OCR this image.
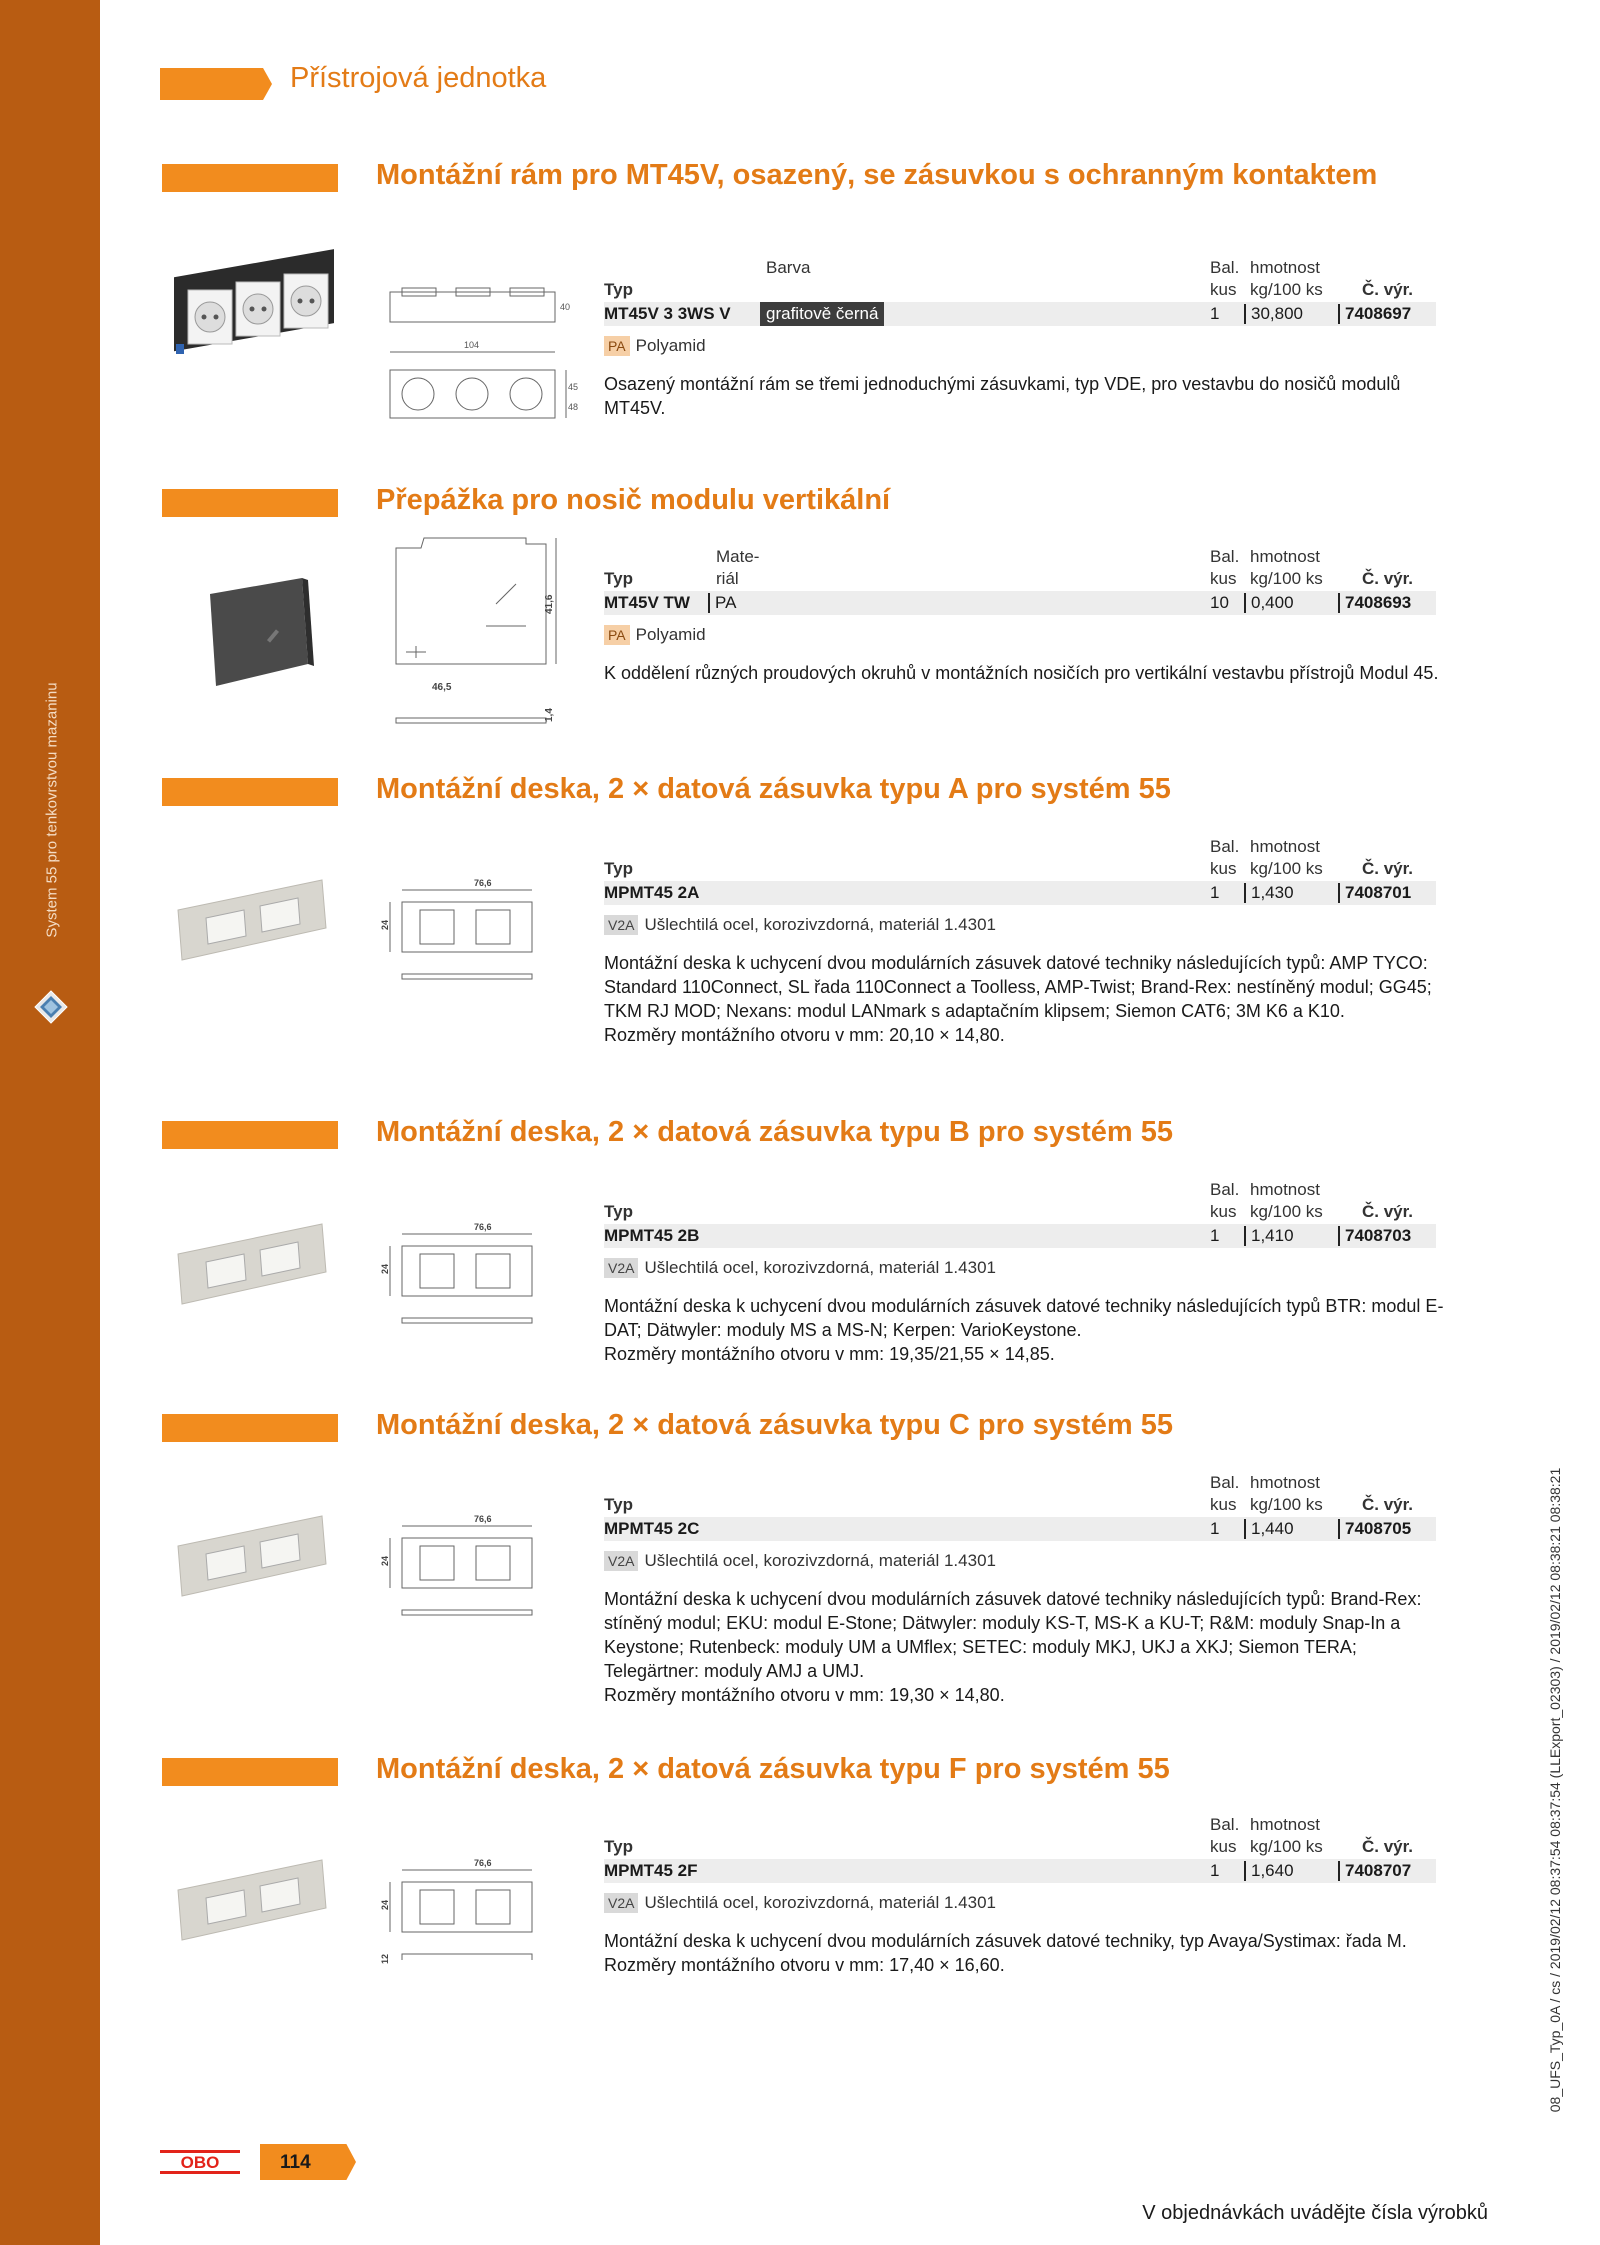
System 55 pro tenkovrstvou mazaninu
Přístrojová jednotka
Montážní rám pro MT45V, osazený, se zásuvkou s ochranným kontaktem
104
40
45
48
Barva
Typ
Bal.
kus
hmotnost
kg/100 ks Č. výr.
MT45V 3 3WS V	grafitově černá	1	30,800	7408697
PA Polyamid
Osazený montážní rám se třemi jednoduchými zásuvkami, typ VDE, pro vestavbu do nosičů modulů MT45V.
Přepážka pro nosič modulu vertikální
46,5
41,6
1,4
Mate-
riál
Typ
Bal.
kus
hmotnost
kg/100 ks Č. výr.
MT45V TW	PA	10	0,400	7408693
PA Polyamid
K oddělení různých proudových okruhů v montážních nosičích pro vertikální vestavbu přístrojů Modul 45.
Montážní deska, 2 × datová zásuvka typu A pro systém 55
76,6
24
Typ
Bal.
kus
hmotnost
kg/100 ks Č. výr.
MPMT45 2A	1	1,430	7408701
V2A Ušlechtilá ocel, korozivzdorná, materiál 1.4301
Montážní deska k uchycení dvou modulárních zásuvek datové techniky následujících typů: AMP TYCO: Standard 110Connect, SL řada 110Connect a Toolless, AMP-Twist; Brand-Rex: nestíněný modul; GG45; TKM RJ MOD; Nexans: modul LANmark s adaptačním klipsem; Siemon CAT6; 3M K6 a K10.
Rozměry montážního otvoru v mm: 20,10 × 14,80.
Montážní deska, 2 × datová zásuvka typu B pro systém 55
76,6
24
Typ
Bal.
kus
hmotnost
kg/100 ks Č. výr.
MPMT45 2B	1	1,410	7408703
V2A Ušlechtilá ocel, korozivzdorná, materiál 1.4301
Montážní deska k uchycení dvou modulárních zásuvek datové techniky následujících typů BTR: modul E-DAT; Dätwyler: moduly MS a MS-N; Kerpen: VarioKeystone.
Rozměry montážního otvoru v mm: 19,35/21,55 × 14,85.
Montážní deska, 2 × datová zásuvka typu C pro systém 55
76,6
24
Typ
Bal.
kus
hmotnost
kg/100 ks Č. výr.
MPMT45 2C	1	1,440	7408705
V2A Ušlechtilá ocel, korozivzdorná, materiál 1.4301
Montážní deska k uchycení dvou modulárních zásuvek datové techniky následujících typů: Brand-Rex: stíněný modul; EKU: modul E-Stone; Dätwyler: moduly KS-T, MS-K a KU-T; R&M: moduly Snap-In a Keystone; Rutenbeck: moduly UM a UMflex; SETEC: moduly MKJ, UKJ a XKJ; Siemon TERA; Telegärtner: moduly AMJ a UMJ.
Rozměry montážního otvoru v mm: 19,30 × 14,80.
Montážní deska, 2 × datová zásuvka typu F pro systém 55
76,6
24
12
Typ
Bal.
kus
hmotnost
kg/100 ks Č. výr.
MPMT45 2F	1	1,640	7408707
V2A Ušlechtilá ocel, korozivzdorná, materiál 1.4301
Montážní deska k uchycení dvou modulárních zásuvek datové techniky, typ Avaya/Systimax: řada M.
Rozměry montážního otvoru v mm: 17,40 × 16,60.	08_UFS_Typ_0A / cs / 2019/02/12 08:37:54 08:37:54 (LLExport_02303) / 2019/02/12 08:38:21 08:38:21
OBO	114
V objednávkách uvádějte čísla výrobků
